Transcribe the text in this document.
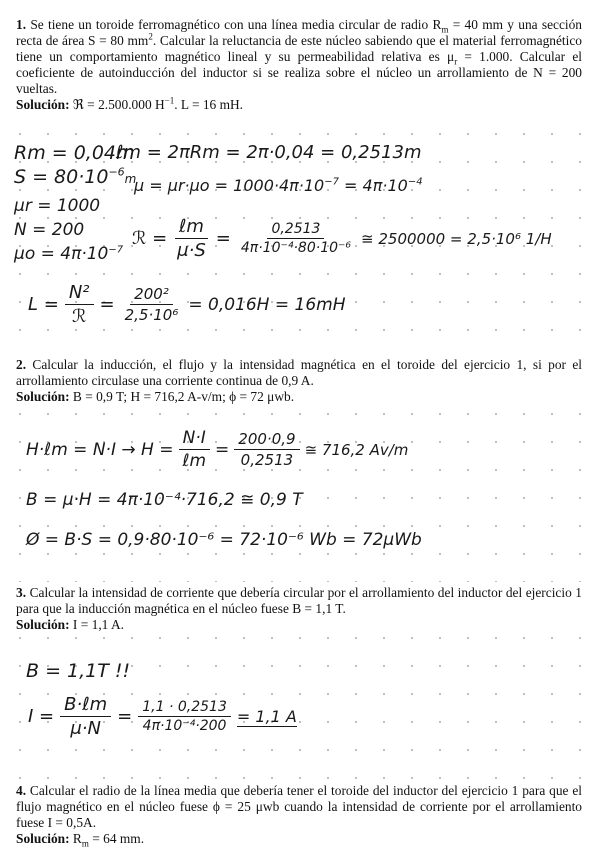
1. Se tiene un toroide ferromagnético con una línea media circular de radio $R_m = 40$ mm y una sección recta de área S = 80 $mm^2$. Calcular la reluctancia de este núcleo sabiendo que el material ferromagnético tiene un comportamiento magnético lineal y su permeabilidad relativa es $\mu_r = 1.000$. Calcular el coeficiente de autoinducción del inductor si se realiza sobre el núcleo un arrollamiento de N = 200 vueltas.
Solución: ℜ = 2.500.000 $H^{-1}$. L = 16 mH.
Rm = 0,04m
$S = 80\cdot 10^{-6}m$
μr = 1000
N = 200
$\mu o = 4\pi\cdot 10^{-7}$
ℓm = 2πRm = 2π·0,04 = 0,2513m
$\mu = \mu r\cdot\mu o = 1000\cdot 4\pi\cdot 10^{-7} = 4\pi\cdot 10^{-4}$
ℛ = $\frac{\text{ℓm}}{\mu\cdot S} = \frac{0,2513}{\text{4π·10⁻⁴·80·10⁻⁶}}$ ≅ 2500000 = 2,5·10⁶ 1/H
$L = \frac{\text{N²}}{\text{ℛ}} = \frac{\text{200²}}{\text{2,5·10⁶}} = 0,016H = 16mH$
2. Calcular la inducción, el flujo y la intensidad magnética en el toroide del ejercicio 1, si por el arrollamiento circulase una corriente continua de 0,9 A.
Solución: B = 0,9 T; H = 716,2 A-v/m; ϕ = 72 μwb.
H·ℓm = $N\cdot I \to H = \frac{N\cdot I}{\text{ℓm}} = \frac{200\cdot 0,9}{0,2513}$ ≅ 716,2 Av/m
B = μ·H = 4π·10⁻⁴·716,2 ≅ 0,9 T
Ø = B·S = 0,9·80·10⁻⁶ = 72·10⁻⁶ Wb = 72μWb
3. Calcular la intensidad de corriente que debería circular por el arrollamiento del inductor del ejercicio 1 para que la inducción magnética en el núcleo fuese B = 1,1 T.
Solución: I = 1,1 A.
B = 1,1T !!
$I = \frac{\text{B·ℓm}}{\mu\cdot N} = \frac{1,1 \cdot 0,2513}{\text{4π·10⁻⁴·200}} = 1,1$ A
4. Calcular el radio de la línea media que debería tener el toroide del inductor del ejercicio 1 para que el flujo magnético en el núcleo fuese ϕ = 25 μwb cuando la intensidad de corriente por el arrollamiento fuese I = 0,5A.
Solución: $R_m = 64$ mm.
